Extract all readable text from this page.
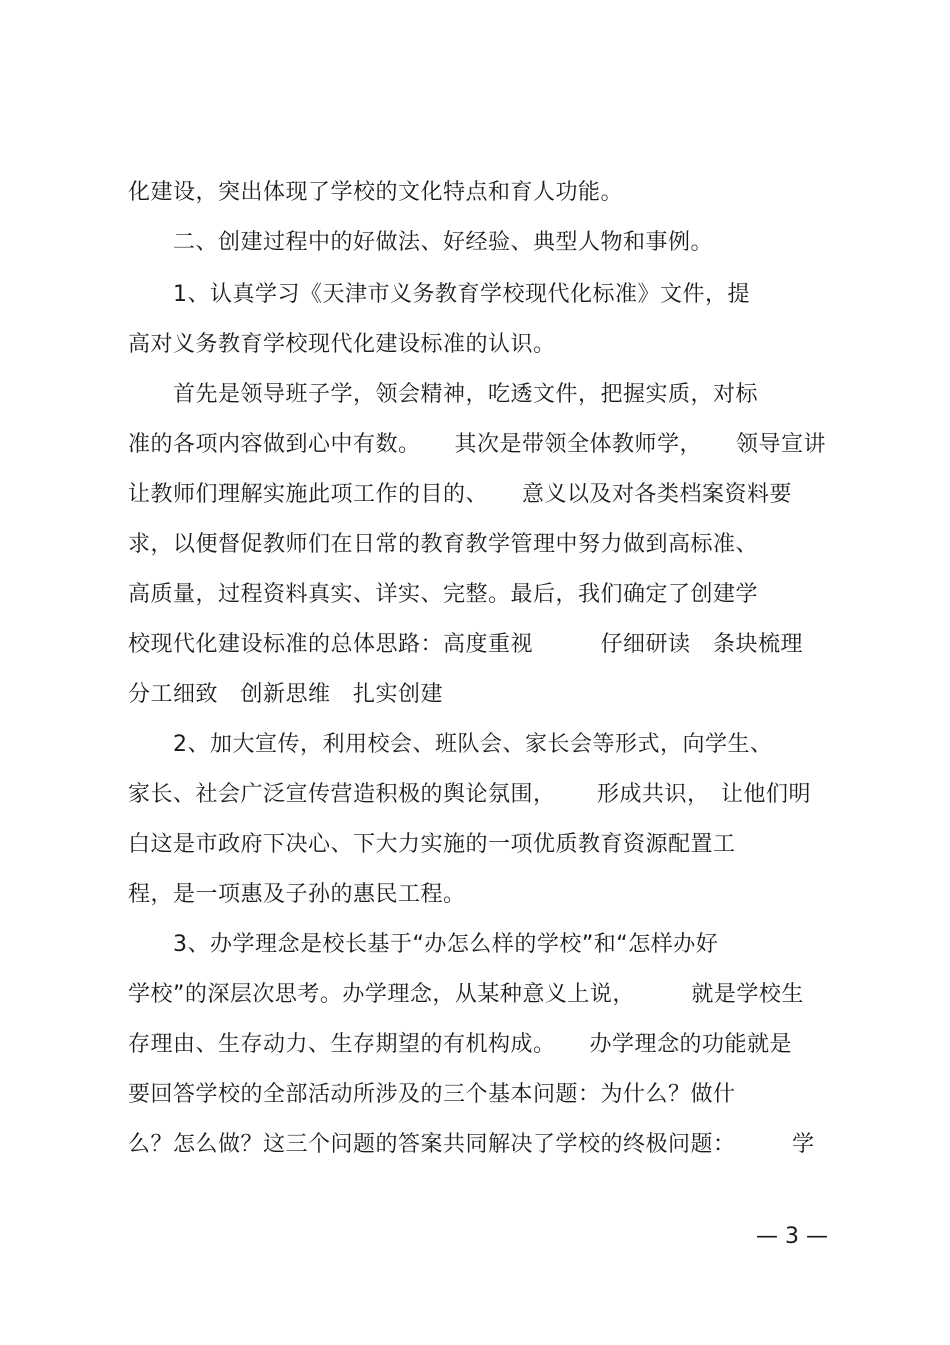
化建设，突出体现了学校的文化特点和育人功能。
　　二、创建过程中的好做法、好经验、典型人物和事例。
　　1、认真学习《天津市义务教育学校现代化标准》文件，提
高对义务教育学校现代化建设标准的认识。
　　首先是领导班子学，领会精神，吃透文件，把握实质，对标
准的各项内容做到心中有数。　　其次是带领全体教师学，　　领导宣讲
让教师们理解实施此项工作的目的、　　意义以及对各类档案资料要
求，以便督促教师们在日常的教育教学管理中努力做到高标准、
高质量，过程资料真实、详实、完整。最后，我们确定了创建学
校现代化建设标准的总体思路：高度重视　　　仔细研读　条块梳理
分工细致　创新思维　扎实创建
　　2、加大宣传，利用校会、班队会、家长会等形式，向学生、
家长、社会广泛宣传营造积极的舆论氛围，　　 形成共识，　让他们明
白这是市政府下决心、下大力实施的一项优质教育资源配置工
程，是一项惠及子孙的惠民工程。
　　3、办学理念是校长基于“办怎么样的学校”和“怎样办好
学校”的深层次思考。办学理念，从某种意义上说，　　　就是学校生
存理由、生存动力、生存期望的有机构成。　　办学理念的功能就是
要回答学校的全部活动所涉及的三个基本问题：为什么？做什
么？怎么做？这三个问题的答案共同解决了学校的终极问题：　　　学
— 3 —
